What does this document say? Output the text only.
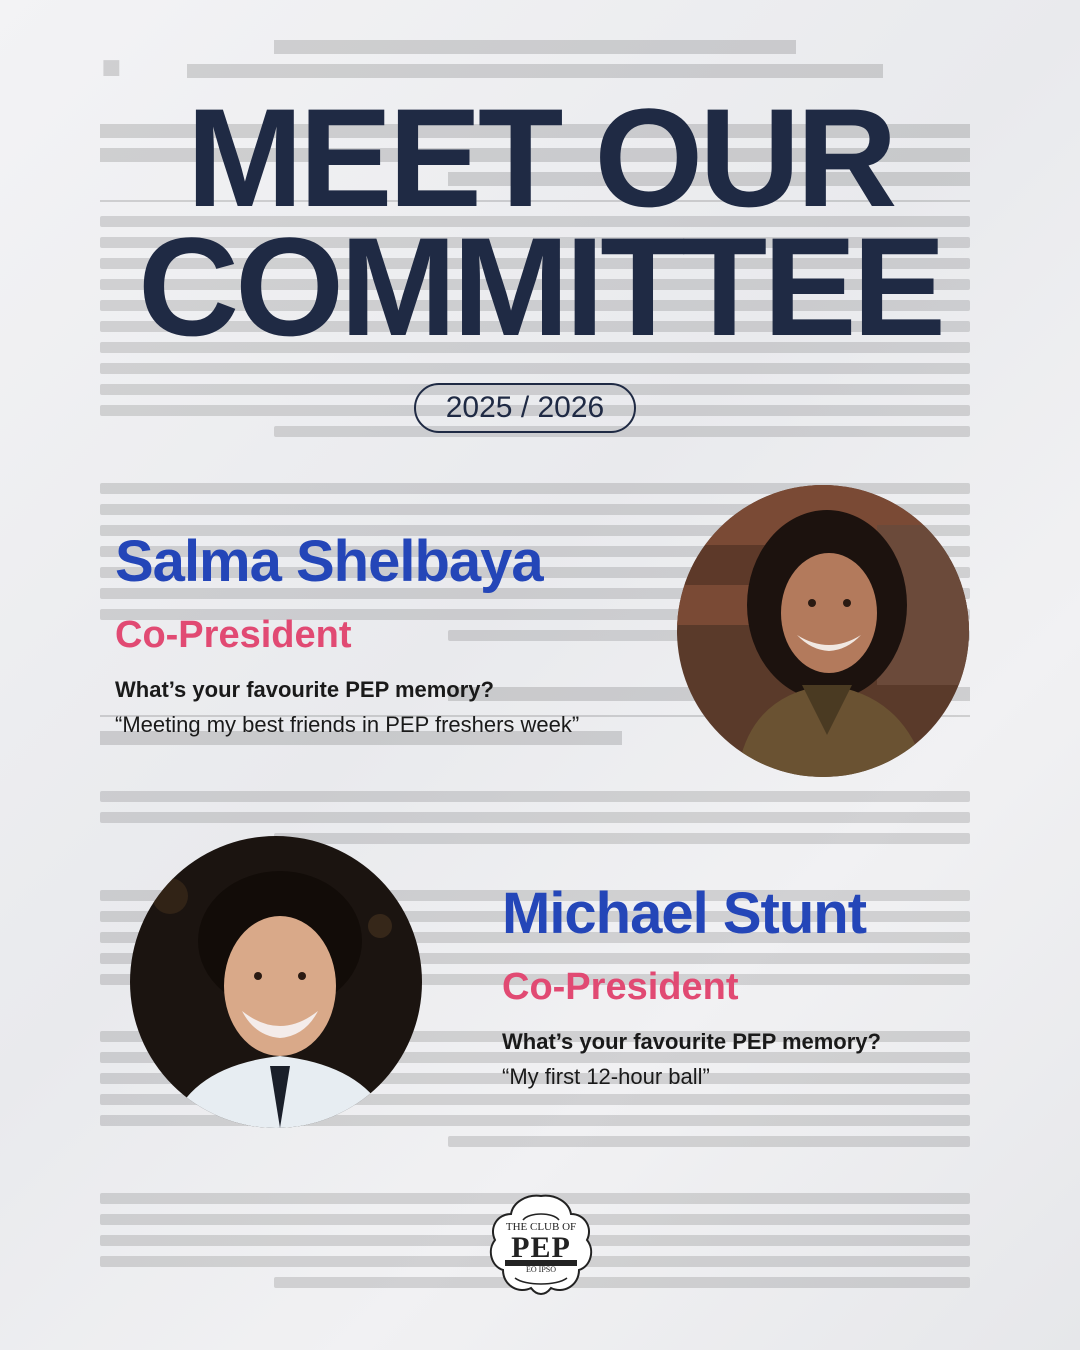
▪
MEET OUR
COMMITTEE
2025 / 2026
Salma Shelbaya
Co-President
What’s your favourite PEP memory?
“Meeting my best friends in PEP freshers week”
Michael Stunt
Co-President
What’s your favourite PEP memory?
“My first 12-hour ball”
THE CLUB OF
PEP
EO IPSO
